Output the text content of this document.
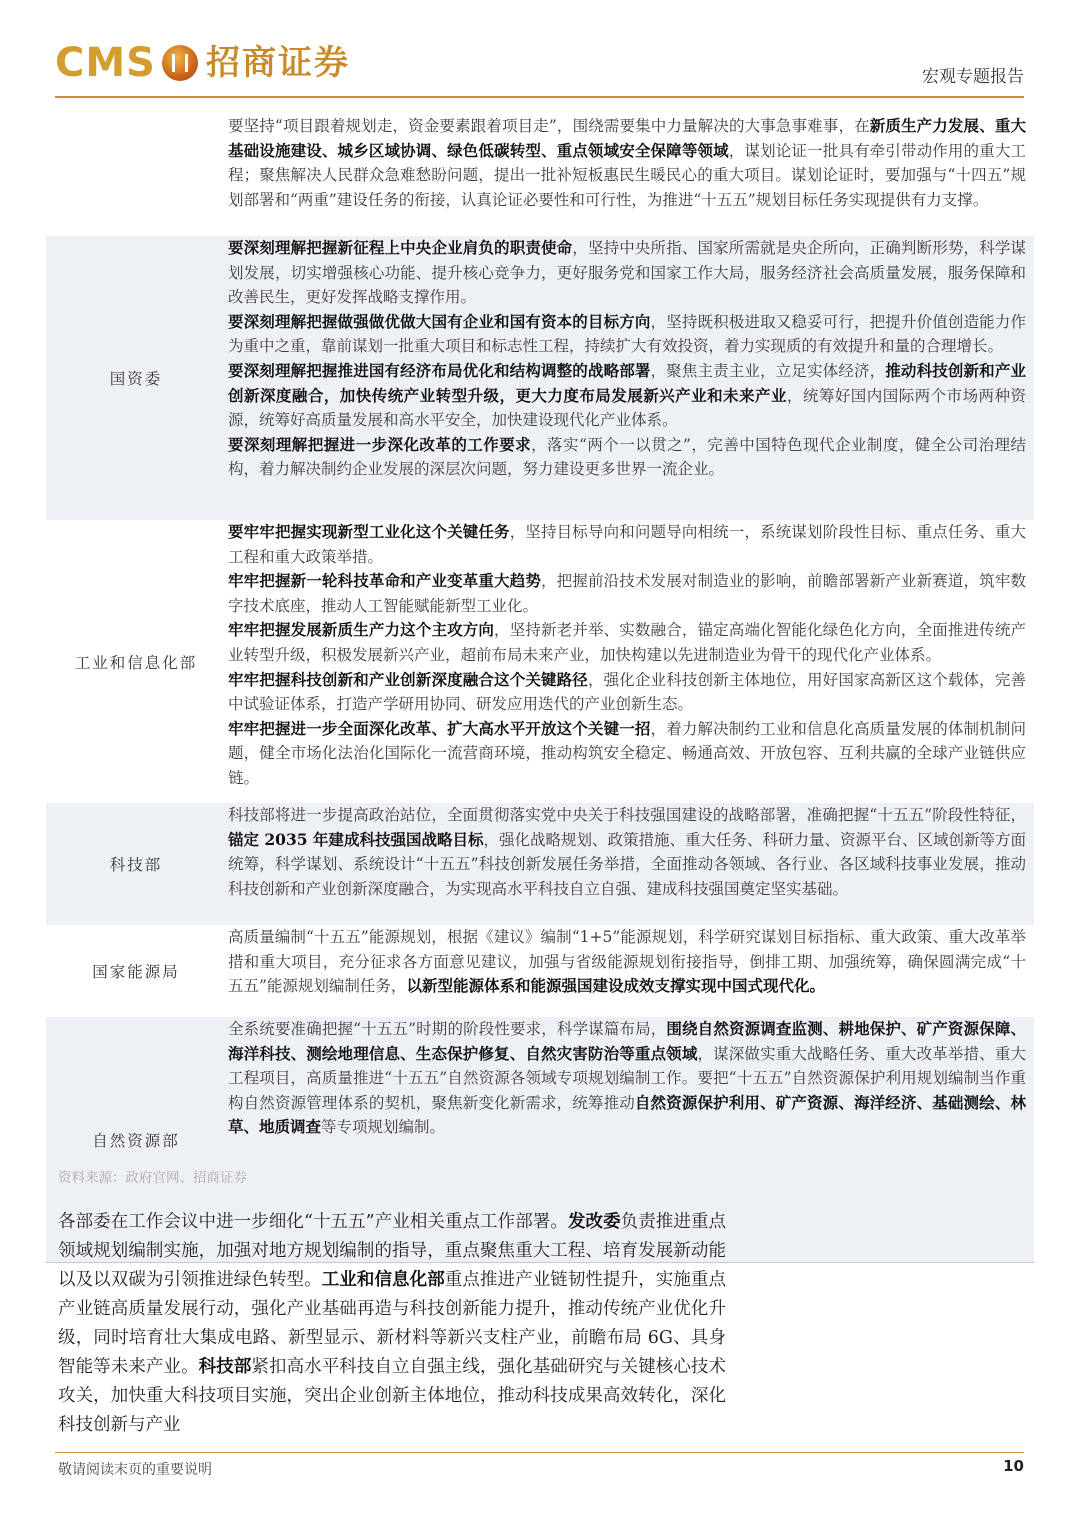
CMS 招商证券	宏观专题报告

要坚持“项目跟着规划走，资金要素跟着项目走”，围绕需要集中力量解决的大事急事难事，在新质生产力发展、重大基础设施建设、城乡区域协调、绿色低碳转型、重点领域安全保障等领域，谋划论证一批具有牵引带动作用的重大工程；聚焦解决人民群众急难愁盼问题，提出一批补短板惠民生暖民心的重大项目。谋划论证时，要加强与“十四五”规划部署和“两重”建设任务的衔接，认真论证必要性和可行性，为推进“十五五”规划目标任务实现提供有力支撑。

国资委

要深刻理解把握新征程上中央企业肩负的职责使命，坚持中央所指、国家所需就是央企所向，正确判断形势，科学谋划发展，切实增强核心功能、提升核心竞争力，更好服务党和国家工作大局，服务经济社会高质量发展，服务保障和改善民生，更好发挥战略支撑作用。

要深刻理解把握做强做优做大国有企业和国有资本的目标方向，坚持既积极进取又稳妥可行，把提升价值创造能力作为重中之重，靠前谋划一批重大项目和标志性工程，持续扩大有效投资，着力实现质的有效提升和量的合理增长。

要深刻理解把握推进国有经济布局优化和结构调整的战略部署，聚焦主责主业，立足实体经济，推动科技创新和产业创新深度融合，加快传统产业转型升级，更大力度布局发展新兴产业和未来产业，统筹好国内国际两个市场两种资源，统筹好高质量发展和高水平安全，加快建设现代化产业体系。

要深刻理解把握进一步深化改革的工作要求，落实“两个一以贯之”，完善中国特色现代企业制度，健全公司治理结构，着力解决制约企业发展的深层次问题，努力建设更多世界一流企业。

工业和信息化部

要牢牢把握实现新型工业化这个关键任务，坚持目标导向和问题导向相统一，系统谋划阶段性目标、重点任务、重大工程和重大政策举措。

牢牢把握新一轮科技革命和产业变革重大趋势，把握前沿技术发展对制造业的影响，前瞻部署新产业新赛道，筑牢数字技术底座，推动人工智能赋能新型工业化。

牢牢把握发展新质生产力这个主攻方向，坚持新老并举、实数融合，锚定高端化智能化绿色化方向，全面推进传统产业转型升级，积极发展新兴产业，超前布局未来产业，加快构建以先进制造业为骨干的现代化产业体系。

牢牢把握科技创新和产业创新深度融合这个关键路径，强化企业科技创新主体地位，用好国家高新区这个载体，完善中试验证体系，打造产学研用协同、研发应用迭代的产业创新生态。

牢牢把握进一步全面深化改革、扩大高水平开放这个关键一招，着力解决制约工业和信息化高质量发展的体制机制问题，健全市场化法治化国际化一流营商环境，推动构筑安全稳定、畅通高效、开放包容、互利共赢的全球产业链供应链。

科技部

科技部将进一步提高政治站位，全面贯彻落实党中央关于科技强国建设的战略部署，准确把握“十五五”阶段性特征，锚定 2035 年建成科技强国战略目标，强化战略规划、政策措施、重大任务、科研力量、资源平台、区域创新等方面统筹，科学谋划、系统设计“十五五”科技创新发展任务举措，全面推动各领域、各行业、各区域科技事业发展，推动科技创新和产业创新深度融合，为实现高水平科技自立自强、建成科技强国奠定坚实基础。

国家能源局

高质量编制“十五五”能源规划，根据《建议》编制“1+5”能源规划，科学研究谋划目标指标、重大政策、重大改革举措和重大项目，充分征求各方面意见建议，加强与省级能源规划衔接指导，倒排工期、加强统筹，确保圆满完成“十五五”能源规划编制任务，以新型能源体系和能源强国建设成效支撑实现中国式现代化。

自然资源部

全系统要准确把握“十五五”时期的阶段性要求，科学谋篇布局，围绕自然资源调查监测、耕地保护、矿产资源保障、海洋科技、测绘地理信息、生态保护修复、自然灾害防治等重点领域，谋深做实重大战略任务、重大改革举措、重大工程项目，高质量推进“十五五”自然资源各领域专项规划编制工作。要把“十五五”自然资源保护利用规划编制当作重构自然资源管理体系的契机，聚焦新变化新需求，统筹推动自然资源保护利用、矿产资源、海洋经济、基础测绘、林草、地质调查等专项规划编制。

资料来源：政府官网、招商证券
各部委在工作会议中进一步细化“十五五”产业相关重点工作部署。发改委负责推进重点领域规划编制实施，加强对地方规划编制的指导，重点聚焦重大工程、培育发展新动能以及以双碳为引领推进绿色转型。工业和信息化部重点推进产业链韧性提升，实施重点产业链高质量发展行动，强化产业基础再造与科技创新能力提升，推动传统产业优化升级，同时培育壮大集成电路、新型显示、新材料等新兴支柱产业，前瞻布局 6G、具身智能等未来产业。科技部紧扣高水平科技自立自强主线，强化基础研究与关键核心技术攻关，加快重大科技项目实施，突出企业创新主体地位，推动科技成果高效转化，深化科技创新与产业
敬请阅读末页的重要说明	10
